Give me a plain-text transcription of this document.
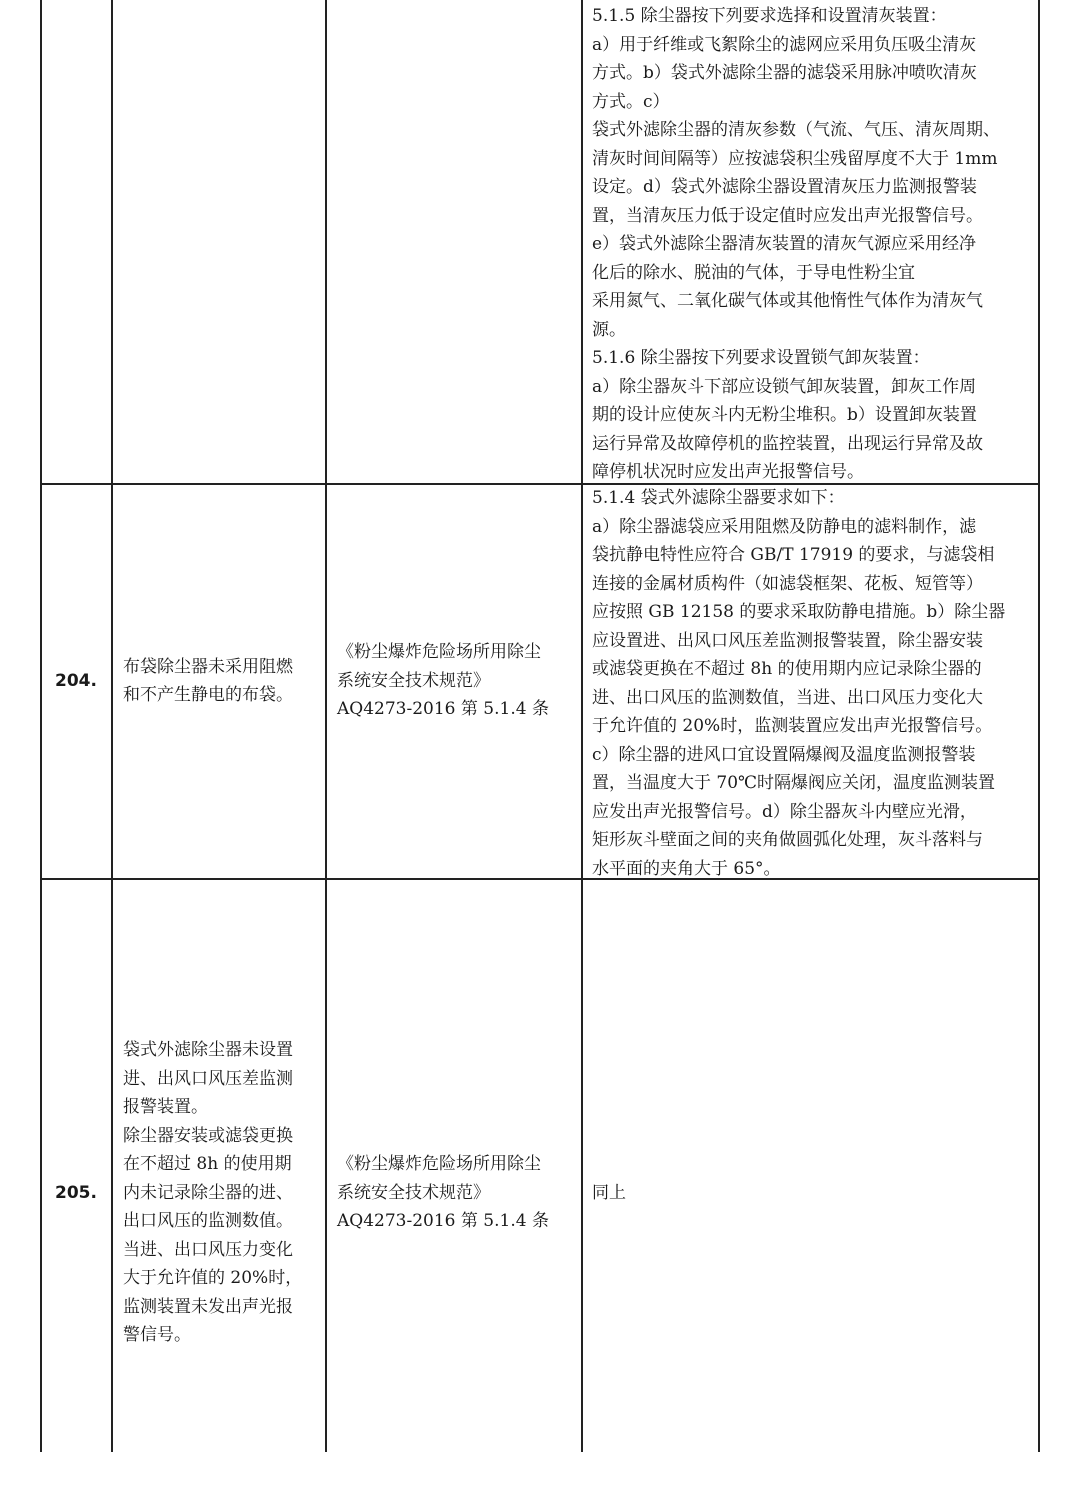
5.1.5 除尘器按下列要求选择和设置清灰装置：
a）用于纤维或飞絮除尘的滤网应采用负压吸尘清灰
方式。b）袋式外滤除尘器的滤袋采用脉冲喷吹清灰
方式。c）
袋式外滤除尘器的清灰参数（气流、气压、清灰周期、
清灰时间间隔等）应按滤袋积尘残留厚度不大于 1mm
设定。d）袋式外滤除尘器设置清灰压力监测报警装
置，当清灰压力低于设定值时应发出声光报警信号。
e）袋式外滤除尘器清灰装置的清灰气源应采用经净
化后的除水、脱油的气体，于导电性粉尘宜
采用氮气、二氧化碳气体或其他惰性气体作为清灰气
源。
5.1.6 除尘器按下列要求设置锁气卸灰装置：
a）除尘器灰斗下部应设锁气卸灰装置，卸灰工作周
期的设计应使灰斗内无粉尘堆积。b）设置卸灰装置
运行异常及故障停机的监控装置，出现运行异常及故
障停机状况时应发出声光报警信号。
204.
布袋除尘器未采用阻燃
和不产生静电的布袋。
《粉尘爆炸危险场所用除尘
系统安全技术规范》
AQ4273-2016 第 5.1.4 条
5.1.4 袋式外滤除尘器要求如下：
a）除尘器滤袋应采用阻燃及防静电的滤料制作，滤
袋抗静电特性应符合 GB/T 17919 的要求，与滤袋相
连接的金属材质构件（如滤袋框架、花板、短管等）
应按照 GB 12158 的要求采取防静电措施。b）除尘器
应设置进、出风口风压差监测报警装置，除尘器安装
或滤袋更换在不超过 8h 的使用期内应记录除尘器的
进、出口风压的监测数值，当进、出口风压力变化大
于允许值的 20%时，监测装置应发出声光报警信号。
c）除尘器的进风口宜设置隔爆阀及温度监测报警装
置，当温度大于 70℃时隔爆阀应关闭，温度监测装置
应发出声光报警信号。d）除尘器灰斗内壁应光滑，
矩形灰斗壁面之间的夹角做圆弧化处理，灰斗落料与
水平面的夹角大于 65°。
205.
袋式外滤除尘器未设置
进、出风口风压差监测
报警装置。
除尘器安装或滤袋更换
在不超过 8h 的使用期
内未记录除尘器的进、
出口风压的监测数值。
当进、出口风压力变化
大于允许值的 20%时，
监测装置未发出声光报
警信号。
《粉尘爆炸危险场所用除尘
系统安全技术规范》
AQ4273-2016 第 5.1.4 条
同上
